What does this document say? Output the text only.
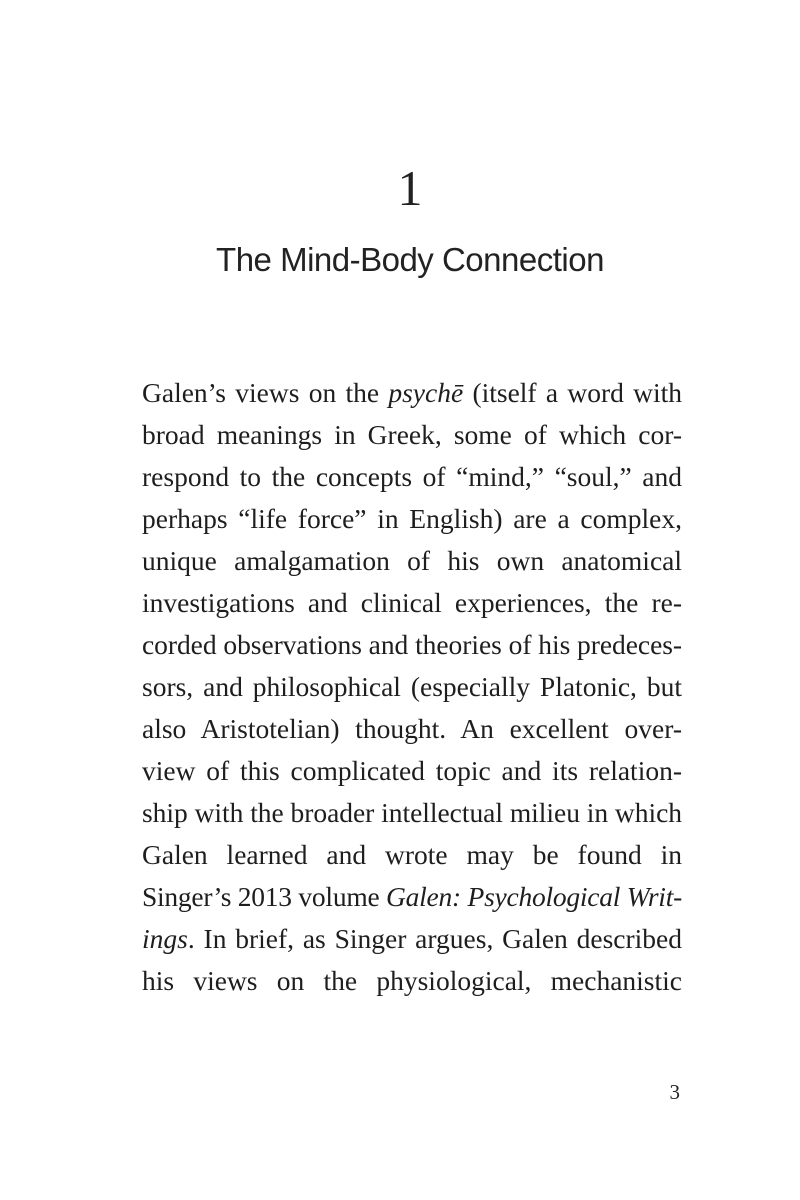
1
The Mind-Body Connection
Galen’s views on the psychē (itself a word with
broad meanings in Greek, some of which cor-
respond to the concepts of “mind,” “soul,” and
perhaps “life force” in English) are a complex,
unique amalgamation of his own anatomical
investigations and clinical experiences, the re-
corded observations and theories of his predeces-
sors, and philosophical (especially Platonic, but
also Aristotelian) thought. An excellent over-
view of this complicated topic and its relation-
ship with the broader intellectual milieu in which
Galen learned and wrote may be found in
Singer’s 2013 volume Galen: Psychological Writ-
ings. In brief, as Singer argues, Galen described
his views on the physiological, mechanistic
3
